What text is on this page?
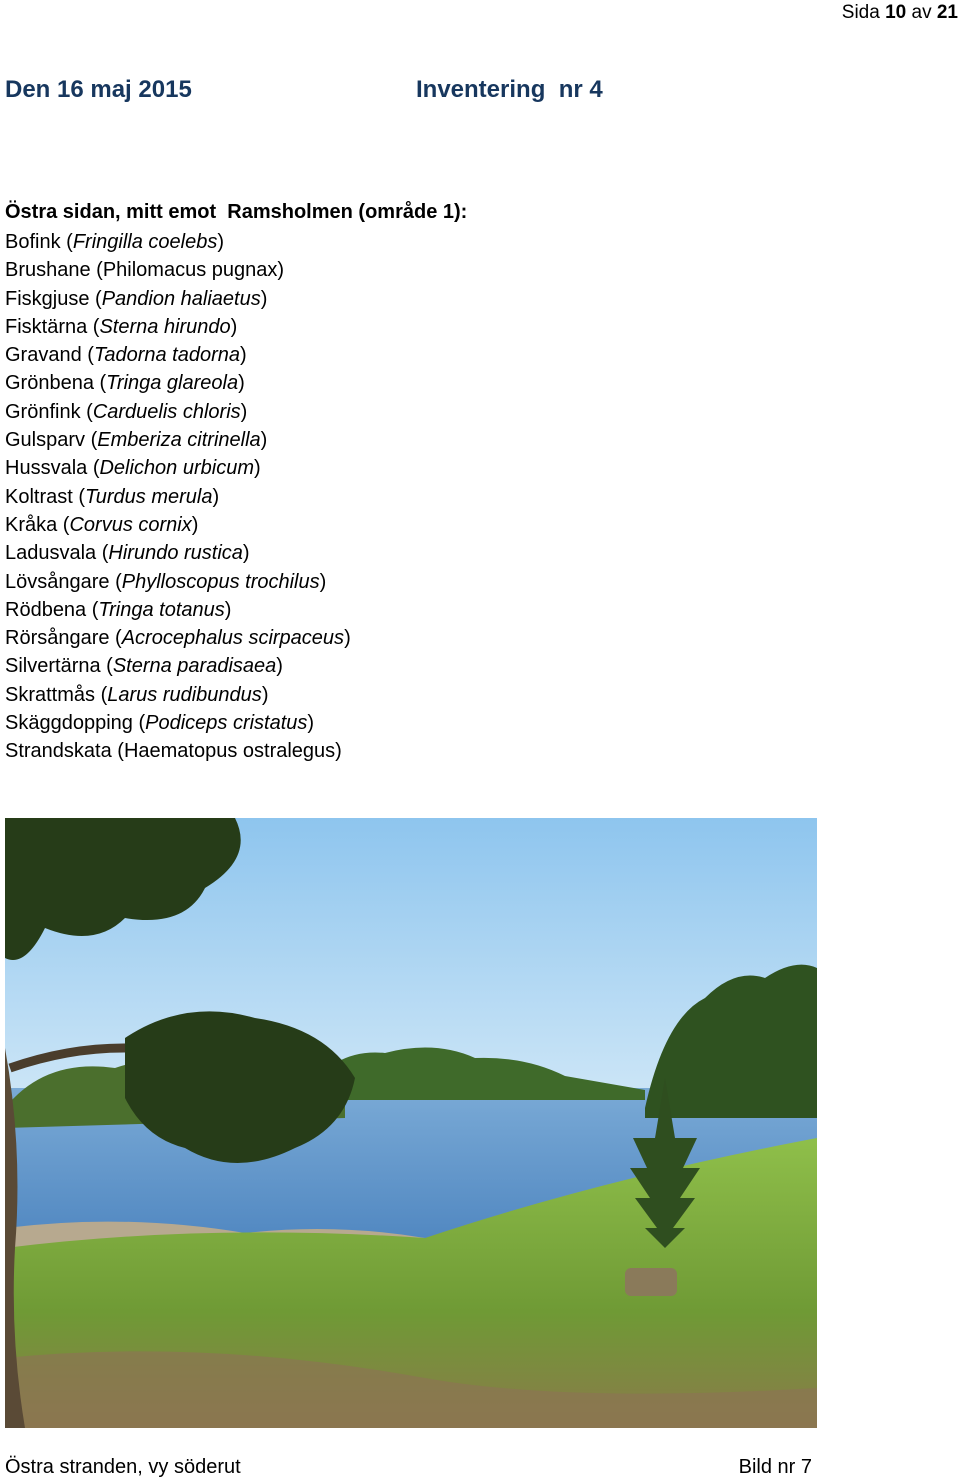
Sida 10 av 21
Den 16 maj 2015	Inventering  nr 4
Östra sidan, mitt emot  Ramsholmen (område 1):
Bofink (Fringilla coelebs)
Brushane (Philomacus pugnax)
Fiskgjuse (Pandion haliaetus)
Fisktärna (Sterna hirundo)
Gravand (Tadorna tadorna)
Grönbena (Tringa glareola)
Grönfink (Carduelis chloris)
Gulsparv (Emberiza citrinella)
Hussvala (Delichon urbicum)
Koltrast (Turdus merula)
Kråka (Corvus cornix)
Ladusvala (Hirundo rustica)
Lövsångare (Phylloscopus trochilus)
Rödbena (Tringa totanus)
Rörsångare (Acrocephalus scirpaceus)
Silvertärna (Sterna paradisaea)
Skrattmås (Larus rudibundus)
Skäggdopping (Podiceps cristatus)
Strandskata (Haematopus ostralegus)
Östra stranden, vy söderut	Bild nr 7
